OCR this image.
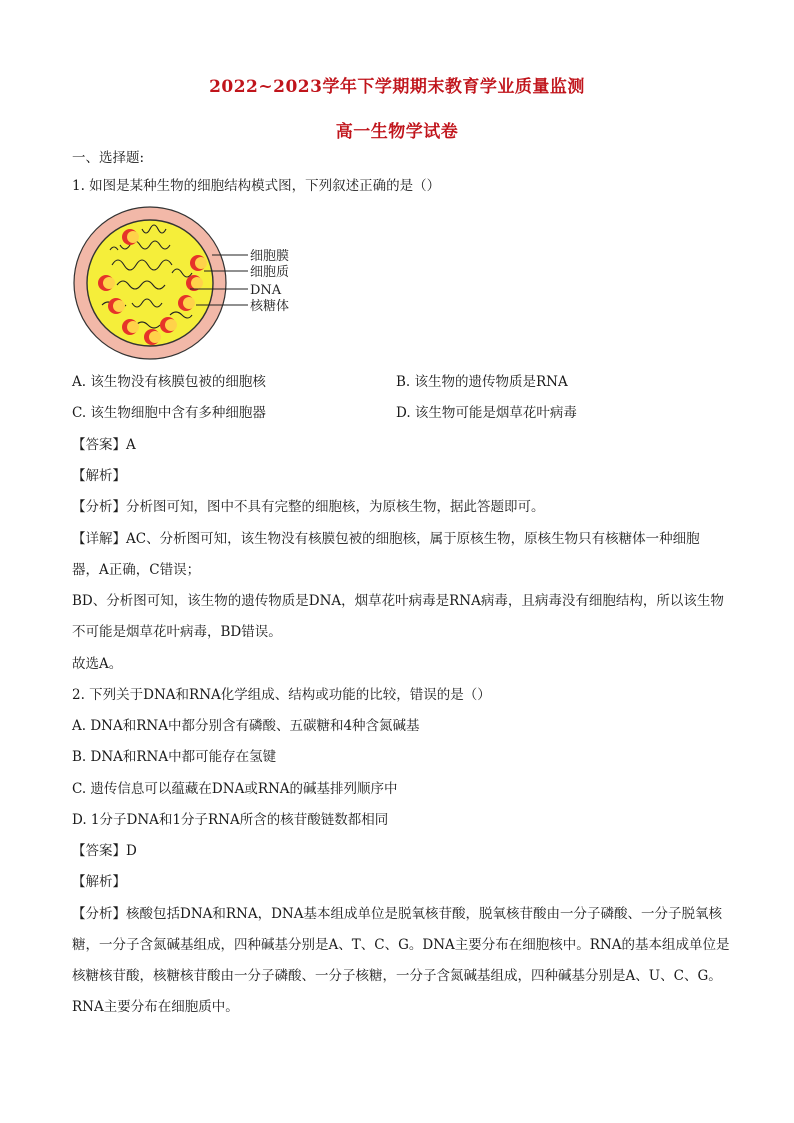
2022~2023学年下学期期末教育学业质量监测
高一生物学试卷
一、选择题:
1. 如图是某种生物的细胞结构模式图，下列叙述正确的是（）
细胞膜
细胞质
DNA
核糖体
A. 该生物没有核膜包被的细胞核	B. 该生物的遗传物质是RNA
C. 该生物细胞中含有多种细胞器	D. 该生物可能是烟草花叶病毒
【答案】A
【解析】
【分析】分析图可知，图中不具有完整的细胞核，为原核生物，据此答题即可。
【详解】AC、分析图可知，该生物没有核膜包被的细胞核，属于原核生物，原核生物只有核糖体一种细胞
器，A正确，C错误；
BD、分析图可知，该生物的遗传物质是DNA，烟草花叶病毒是RNA病毒，且病毒没有细胞结构，所以该生物
不可能是烟草花叶病毒，BD错误。
故选A。
2. 下列关于DNA和RNA化学组成、结构或功能的比较，错误的是（）
A. DNA和RNA中都分别含有磷酸、五碳糖和4种含氮碱基
B. DNA和RNA中都可能存在氢键
C. 遗传信息可以蕴藏在DNA或RNA的碱基排列顺序中
D. 1分子DNA和1分子RNA所含的核苷酸链数都相同
【答案】D
【解析】
【分析】核酸包括DNA和RNA，DNA基本组成单位是脱氧核苷酸，脱氧核苷酸由一分子磷酸、一分子脱氧核
糖，一分子含氮碱基组成，四种碱基分别是A、T、C、G。DNA主要分布在细胞核中。RNA的基本组成单位是
核糖核苷酸，核糖核苷酸由一分子磷酸、一分子核糖，一分子含氮碱基组成，四种碱基分别是A、U、C、G。
RNA主要分布在细胞质中。
